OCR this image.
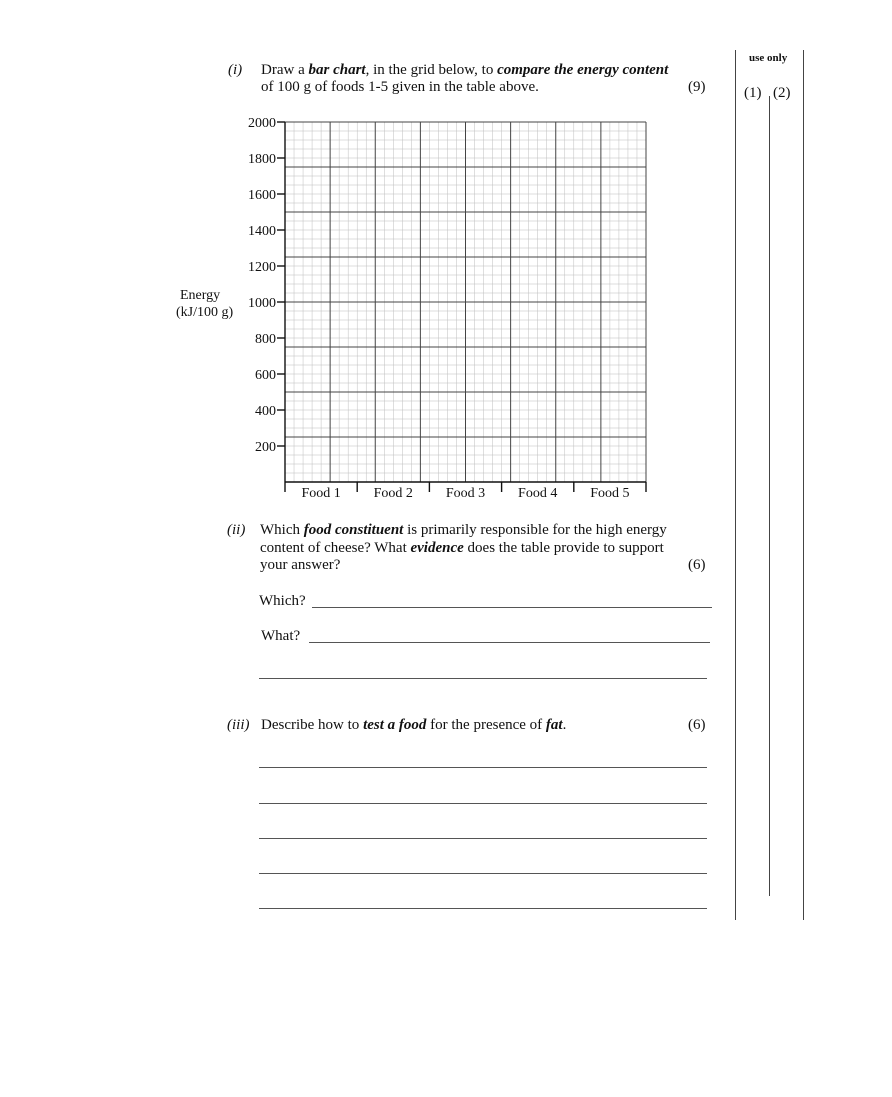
use only
(1) (2)
(i) Draw a bar chart, in the grid below, to compare the energy content
of 100 g of foods 1-5 given in the table above.	(9)
Energy
(kJ/100 g)
200
400
600
800
1000
1200
1400
1600
1800
2000
Food 1 Food 2 Food 3 Food 4 Food 5
(ii) Which food constituent is primarily responsible for the high energy
content of cheese? What evidence does the table provide to support
your answer?	(6)
Which?
What?
(iii) Describe how to test a food for the presence of fat.	(6)
